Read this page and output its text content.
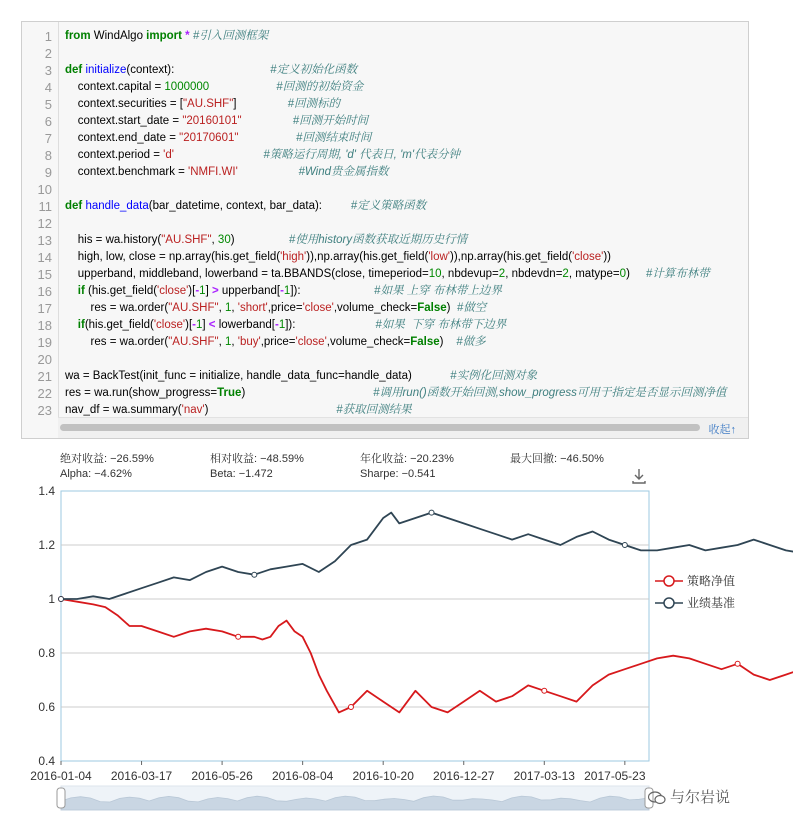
1
2
3
4
5
6
7
8
9
10
11
12
13
14
15
16
17
18
19
20
21
22
23
from WindAlgo import * #引入回测框架
def initialize(context):                              #定义初始化函数
context.capital = 1000000	#回测的初始资金
context.securities = ["AU.SHF"]                #回测标的
context.start_date = "20160101"	#回测开始时间
context.end_date = "20170601"	#回测结束时间
context.period = 'd'	#策略运行周期, 'd' 代表日, 'm'代表分钟
context.benchmark = 'NMFI.WI'	#Wind贵金属指数
def handle_data(bar_datetime, context, bar_data):         #定义策略函数
his = wa.history("AU.SHF", 30)                 #使用history函数获取近期历史行情
high, low, close = np.array(his.get_field('high')),np.array(his.get_field('low')),np.array(his.get_field('close'))
upperband, middleband, lowerband = ta.BBANDS(close, timeperiod=10, nbdevup=2, nbdevdn=2, matype=0)     #计算布林带
if (his.get_field('close')[-1] > upperband[-1]):                       #如果 上穿 布林带上边界
res = wa.order("AU.SHF", 1, 'short',price='close',volume_check=False)  #做空
if(his.get_field('close')[-1] < lowerband[-1]):                         #如果  下穿 布林带下边界
res = wa.order("AU.SHF", 1, 'buy',price='close',volume_check=False)    #做多
wa = BackTest(init_func = initialize, handle_data_func=handle_data)            #实例化回测对象
res = wa.run(show_progress=True)                                        #调用run()函数开始回测,show_progress可用于指定是否显示回测净值
nav_df = wa.summary('nav')                                        #获取回测结果
收起↑
绝对收益: −26.59%	相对收益: −48.59%	年化收益: −20.23%	最大回撤: −46.50%
Alpha: −4.62%	Beta: −1.472	Sharpe: −0.541
0.4
0.6
0.8
1
1.2
1.4
2016-01-04 2016-03-17 2016-05-26 2016-08-04 2016-10-20 2016-12-27 2017-03-13 2017-05-23
策略净值
业绩基准
与尔岩说
